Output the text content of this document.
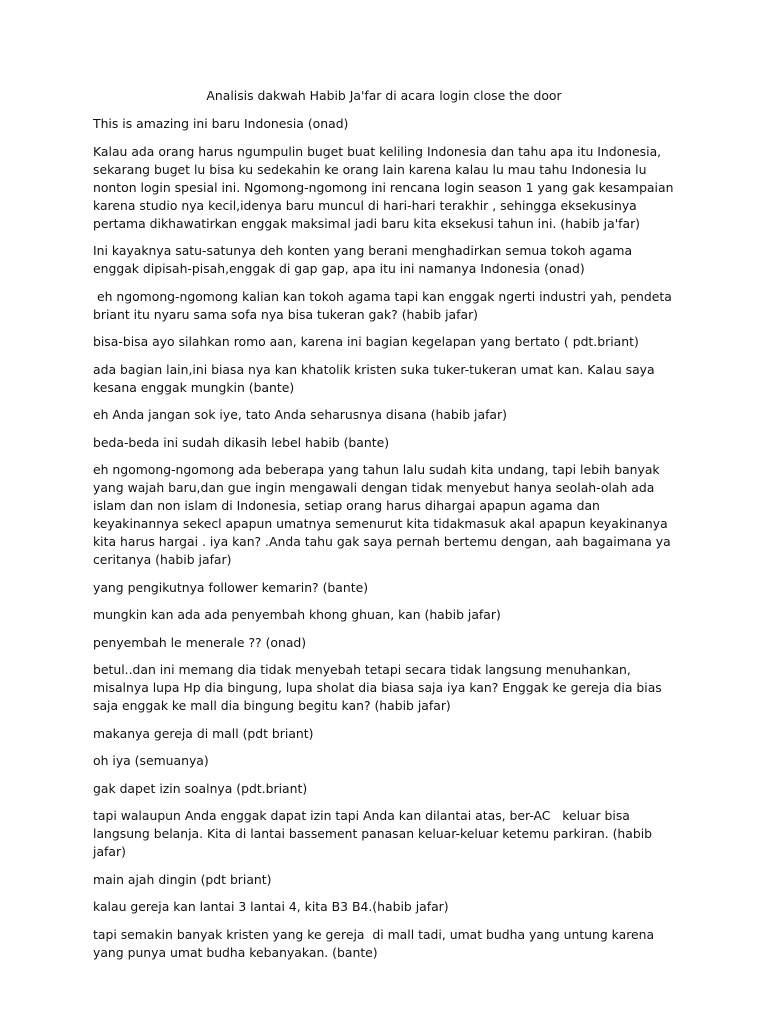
Analisis dakwah Habib Ja'far di acara login close the door

This is amazing ini baru Indonesia (onad)

Kalau ada orang harus ngumpulin buget buat keliling Indonesia dan tahu apa itu Indonesia, sekarang buget lu bisa ku sedekahin ke orang lain karena kalau lu mau tahu Indonesia lu nonton login spesial ini. Ngomong-ngomong ini rencana login season 1 yang gak kesampaian karena studio nya kecil,idenya baru muncul di hari-hari terakhir , sehingga eksekusinya pertama dikhawatirkan enggak maksimal jadi baru kita eksekusi tahun ini. (habib ja'far)

Ini kayaknya satu-satunya deh konten yang berani menghadirkan semua tokoh agama enggak dipisah-pisah,enggak di gap gap, apa itu ini namanya Indonesia (onad)

eh ngomong-ngomong kalian kan tokoh agama tapi kan enggak ngerti industri yah, pendeta briant itu nyaru sama sofa nya bisa tukeran gak? (habib jafar)

bisa-bisa ayo silahkan romo aan, karena ini bagian kegelapan yang bertato ( pdt.briant)

ada bagian lain,ini biasa nya kan khatolik kristen suka tuker-tukeran umat kan. Kalau saya kesana enggak mungkin (bante)

eh Anda jangan sok iye, tato Anda seharusnya disana (habib jafar)

beda-beda ini sudah dikasih lebel habib (bante)

eh ngomong-ngomong ada beberapa yang tahun lalu sudah kita undang, tapi lebih banyak yang wajah baru,dan gue ingin mengawali dengan tidak menyebut hanya seolah-olah ada islam dan non islam di Indonesia, setiap orang harus dihargai apapun agama dan keyakinannya sekecl apapun umatnya semenurut kita tidakmasuk akal apapun keyakinanya kita harus hargai . iya kan? .Anda tahu gak saya pernah bertemu dengan, aah bagaimana ya ceritanya (habib jafar)

yang pengikutnya follower kemarin? (bante)

mungkin kan ada ada penyembah khong ghuan, kan (habib jafar)

penyembah le menerale ?? (onad)

betul..dan ini memang dia tidak menyebah tetapi secara tidak langsung menuhankan, misalnya lupa Hp dia bingung, lupa sholat dia biasa saja iya kan? Enggak ke gereja dia bias saja enggak ke mall dia bingung begitu kan? (habib jafar)

makanya gereja di mall (pdt briant)

oh iya (semuanya)

gak dapet izin soalnya (pdt.briant)

tapi walaupun Anda enggak dapat izin tapi Anda kan dilantai atas, ber-AC   keluar bisa  langsung belanja. Kita di lantai bassement panasan keluar-keluar ketemu parkiran. (habib jafar)

main ajah dingin (pdt briant)

kalau gereja kan lantai 3 lantai 4, kita B3 B4.(habib jafar)

tapi semakin banyak kristen yang ke gereja  di mall tadi, umat budha yang untung karena yang punya umat budha kebanyakan. (bante)
